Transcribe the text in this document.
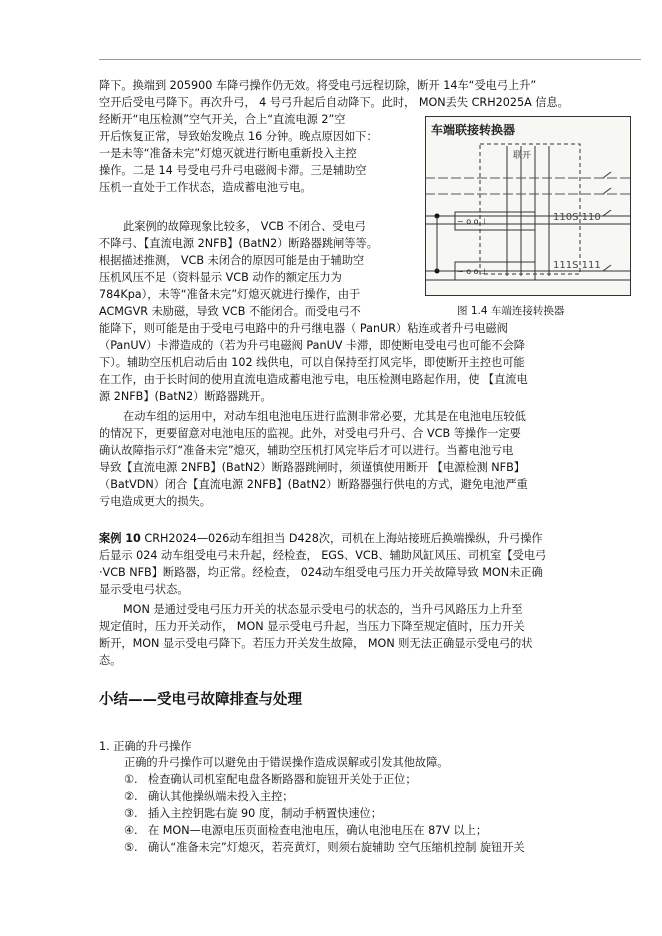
降下。换端到 205900 车降弓操作仍无效。将受电弓远程切除，断开 14车“受电弓上升”
空开后受电弓降下。再次升弓， 4 号弓升起后自动降下。此时， MON丢失 CRH2025A 信息。
经断开“电压检测”空气开关，合上“直流电源 2”空
开后恢复正常，导致始发晚点 16 分钟。晚点原因如下：
一是未等“准备未完”灯熄灭就进行断电重新投入主控
操作。二是 14 号受电弓升弓电磁阀卡滞。三是辅助空
压机一直处于工作状态，造成蓄电池亏电。
车端联接转换器
联开
~ o o ⊥
~ o o ⊥
110S 110
111S 111
图 1.4 车端连接转换器
此案例的故障现象比较多， VCB 不闭合、受电弓
不降弓、【直流电源 2NFB】(BatN2）断路器跳闸等等。
根据描述推测， VCB 未闭合的原因可能是由于辅助空
压机风压不足（资料显示 VCB 动作的额定压力为
784Kpa），未等“准备未完”灯熄灭就进行操作，由于
ACMGVR 未励磁，导致 VCB 不能闭合。而受电弓不
能降下，则可能是由于受电弓电路中的升弓继电器（ PanUR）粘连或者升弓电磁阀
（PanUV）卡滞造成的（若为升弓电磁阀 PanUV 卡滞，即使断电受电弓也可能不会降
下）。辅助空压机启动后由 102 线供电，可以自保持至打风完毕，即使断开主控也可能
在工作，由于长时间的使用直流电造成蓄电池亏电，电压检测电路起作用，使 【直流电
源 2NFB】(BatN2）断路器跳开。
在动车组的运用中，对动车组电池电压进行监测非常必要，尤其是在电池电压较低
的情况下，更要留意对电池电压的监视。此外，对受电弓升弓、合 VCB 等操作一定要
确认故障指示灯“准备未完”熄灭，辅助空压机打风完毕后才可以进行。当蓄电池亏电
导致【直流电源 2NFB】(BatN2）断路器跳闸时，须谨慎使用断开 【电源检测 NFB】
（BatVDN）闭合【直流电源 2NFB】(BatN2）断路器强行供电的方式，避免电池严重
亏电造成更大的损失。
案例 10 CRH2024—026动车组担当 D428次，司机在上海站接班后换端操纵，升弓操作
后显示 024 动车组受电弓未升起，经检查， EGS、VCB、辅助风缸风压、司机室【受电弓
·VCB NFB】断路器，均正常。经检查， 024动车组受电弓压力开关故障导致 MON未正确
显示受电弓状态。
MON 是通过受电弓压力开关的状态显示受电弓的状态的，当升弓风路压力上升至
规定值时，压力开关动作， MON 显示受电弓升起，当压力下降至规定值时，压力开关
断开，MON 显示受电弓降下。若压力开关发生故障， MON 则无法正确显示受电弓的状
态。
小结——受电弓故障排查与处理
1. 正确的升弓操作
正确的升弓操作可以避免由于错误操作造成误解或引发其他故障。
①. 检查确认司机室配电盘各断路器和旋钮开关处于正位；
②. 确认其他操纵端未投入主控；
③. 插入主控钥匙右旋 90 度，制动手柄置快速位；
④. 在 MON—电源电压页面检查电池电压，确认电池电压在 87V 以上；
⑤. 确认“准备未完”灯熄灭，若亮黄灯，则须右旋辅助 空气压缩机控制 旋钮开关
